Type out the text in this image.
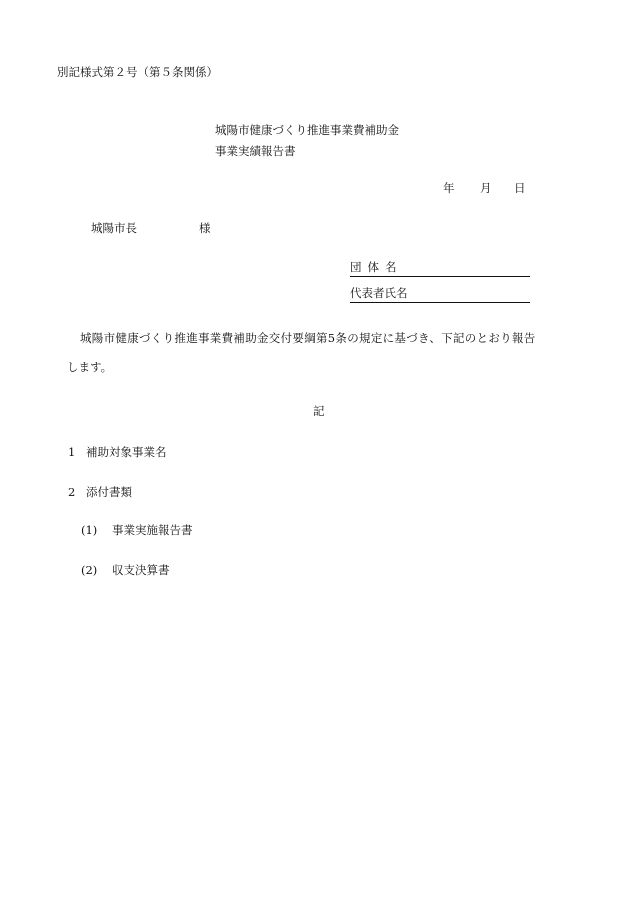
別記様式第２号（第５条関係）
城陽市健康づくり推進事業費補助金
事業実績報告書
年 月 日
城陽市長	様
団体名
代表者氏名
城陽市健康づくり推進事業費補助金交付要綱第5条の規定に基づき、下記のとおり報告
します。
記
1 補助対象事業名
2 添付書類
(1) 事業実施報告書
(2) 収支決算書
